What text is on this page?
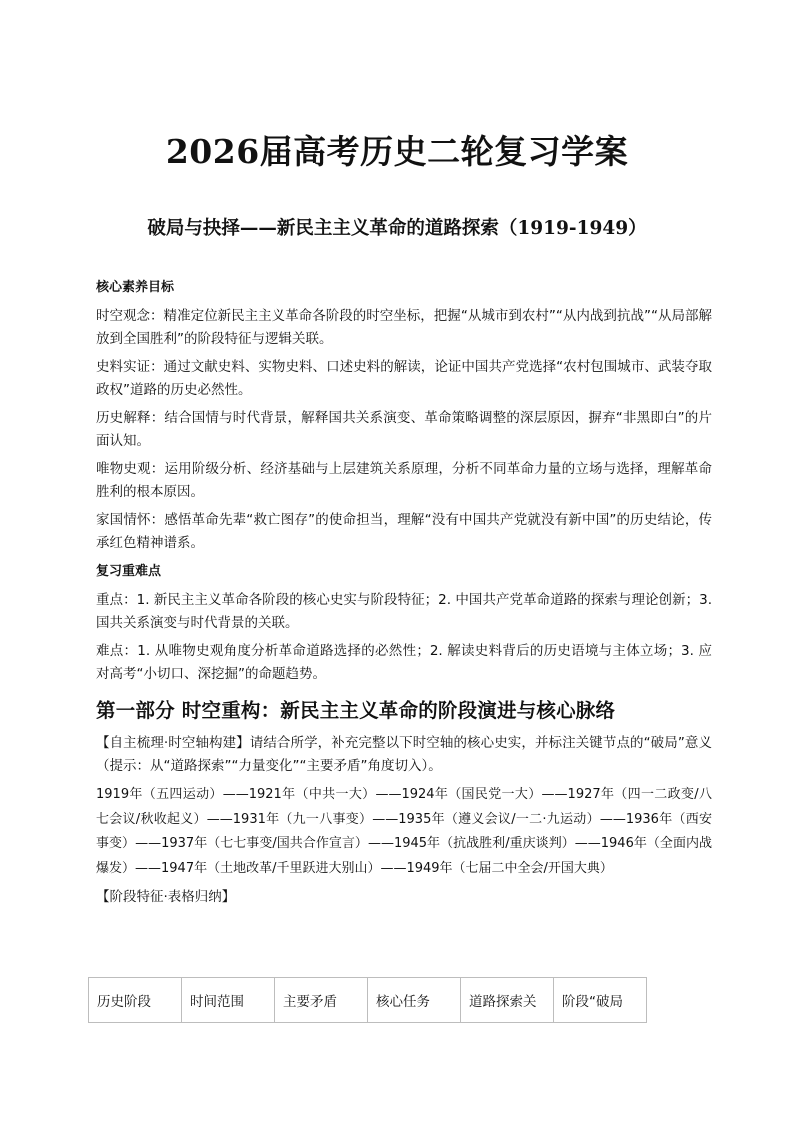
2026届高考历史二轮复习学案
破局与抉择——新民主主义革命的道路探索（1919-1949）

核心素养目标

时空观念：精准定位新民主主义革命各阶段的时空坐标，把握“从城市到农村”“从内战到抗战”“从局部解放到全国胜利”的阶段特征与逻辑关联。

史料实证：通过文献史料、实物史料、口述史料的解读，论证中国共产党选择“农村包围城市、武装夺取政权”道路的历史必然性。

历史解释：结合国情与时代背景，解释国共关系演变、革命策略调整的深层原因，摒弃“非黑即白”的片面认知。

唯物史观：运用阶级分析、经济基础与上层建筑关系原理，分析不同革命力量的立场与选择，理解革命胜利的根本原因。

家国情怀：感悟革命先辈“救亡图存”的使命担当，理解“没有中国共产党就没有新中国”的历史结论，传承红色精神谱系。

复习重难点

重点：1. 新民主主义革命各阶段的核心史实与阶段特征；2. 中国共产党革命道路的探索与理论创新；3. 国共关系演变与时代背景的关联。

难点：1. 从唯物史观角度分析革命道路选择的必然性；2. 解读史料背后的历史语境与主体立场；3. 应对高考“小切口、深挖掘”的命题趋势。

第一部分 时空重构：新民主主义革命的阶段演进与核心脉络

【自主梳理·时空轴构建】请结合所学，补充完整以下时空轴的核心史实，并标注关键节点的“破局”意义（提示：从“道路探索”“力量变化”“主要矛盾”角度切入）。

1919年（五四运动）——1921年（中共一大）——1924年（国民党一大）——1927年（四一二政变/八七会议/秋收起义）——1931年（九一八事变）——1935年（遵义会议/一二·九运动）——1936年（西安事变）——1937年（七七事变/国共合作宣言）——1945年（抗战胜利/重庆谈判）——1946年（全面内战爆发）——1947年（土地改革/千里跃进大别山）——1949年（七届二中全会/开国大典）

【阶段特征·表格归纳】

历史阶段	时间范围	主要矛盾	核心任务	道路探索关	阶段“破局
